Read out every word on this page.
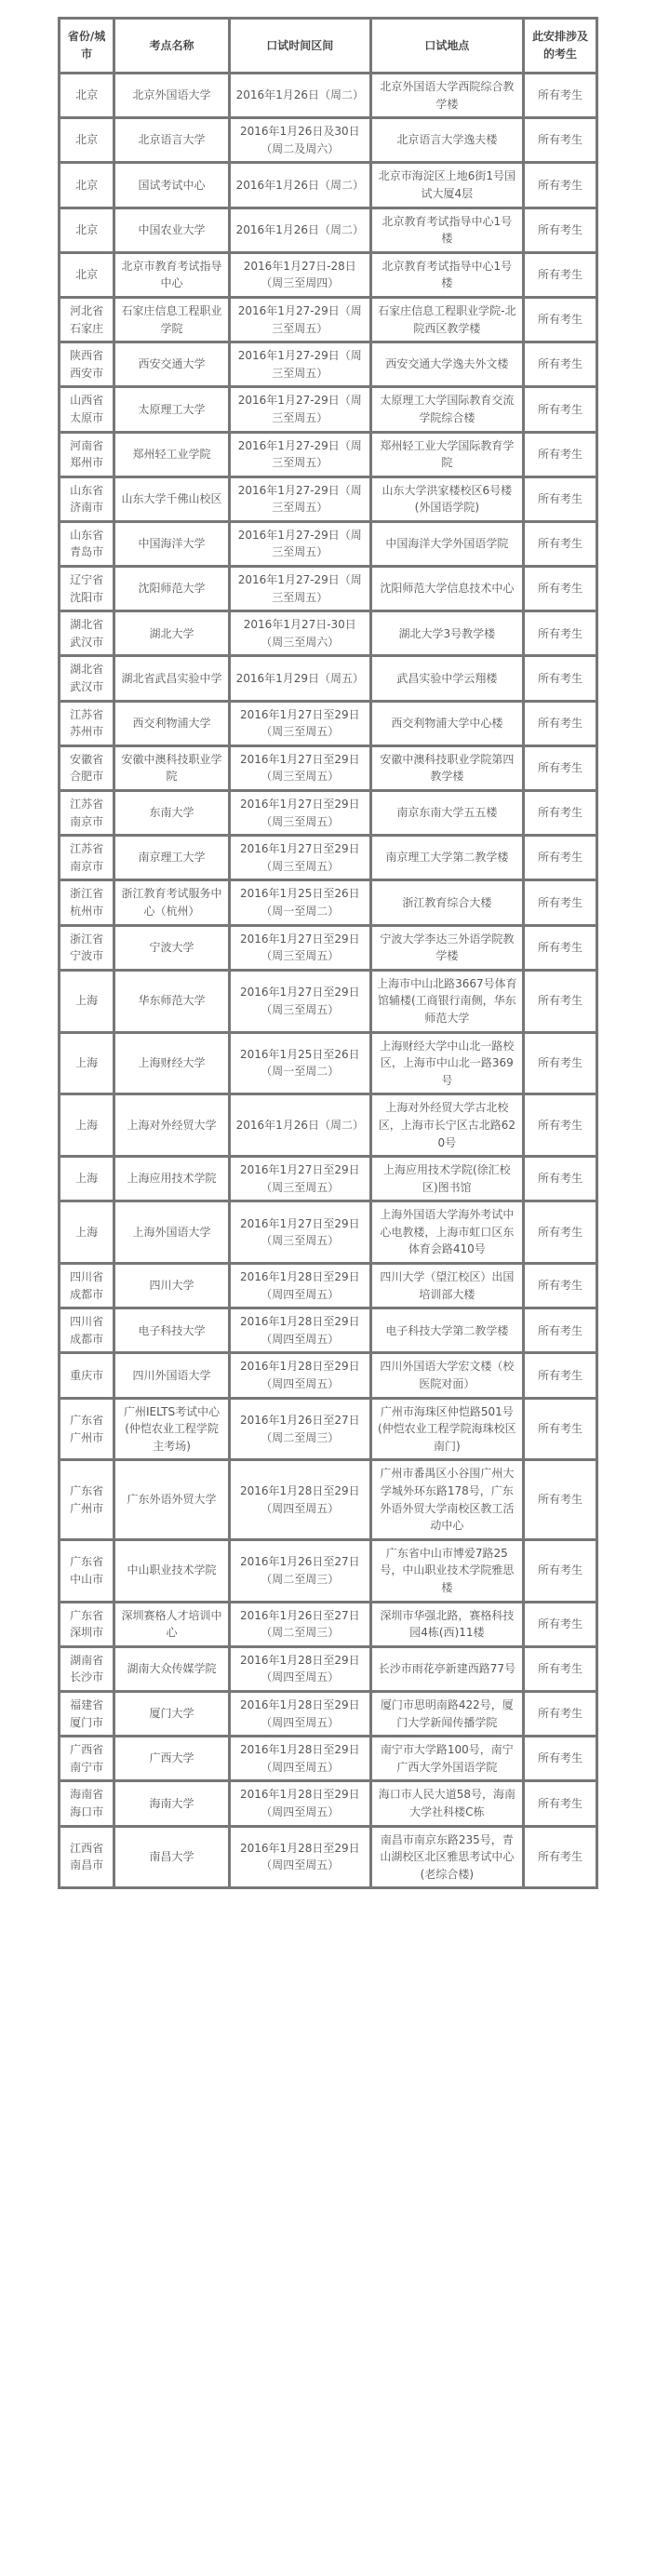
省份/城市	考点名称	口试时间区间	口试地点	此安排涉及 的考生
北京	北京外国语大学	2016年1月26日（周二）	北京外国语大学西院综合教学楼	所有考生
北京	北京语言大学	2016年1月26日及30日（周二及周六）	北京语言大学逸夫楼	所有考生
北京	国试考试中心	2016年1月26日（周二）	北京市海淀区上地6街1号国试大厦4层	所有考生
北京	中国农业大学	2016年1月26日（周二）	北京教育考试指导中心1号楼	所有考生
北京	北京市教育考试指导中心	2016年1月27日-28日（周三至周四）	北京教育考试指导中心1号楼	所有考生
河北省石家庄	石家庄信息工程职业学院	2016年1月27-29日（周三至周五）	石家庄信息工程职业学院-北院西区教学楼	所有考生
陕西省西安市	西安交通大学	2016年1月27-29日（周三至周五）	西安交通大学逸夫外文楼	所有考生
山西省太原市	太原理工大学	2016年1月27-29日（周三至周五）	太原理工大学国际教育交流学院综合楼	所有考生
河南省郑州市	郑州轻工业学院	2016年1月27-29日（周三至周五）	郑州轻工业大学国际教育学院	所有考生
山东省济南市	山东大学千佛山校区	2016年1月27-29日（周三至周五）	山东大学洪家楼校区6号楼(外国语学院)	所有考生
山东省青岛市	中国海洋大学	2016年1月27-29日（周三至周五）	中国海洋大学外国语学院	所有考生
辽宁省沈阳市	沈阳师范大学	2016年1月27-29日（周三至周五）	沈阳师范大学信息技术中心	所有考生
湖北省武汉市	湖北大学	2016年1月27日-30日（周三至周六）	湖北大学3号教学楼	所有考生
湖北省武汉市	湖北省武昌实验中学	2016年1月29日（周五）	武昌实验中学云翔楼	所有考生
江苏省苏州市	西交利物浦大学	2016年1月27日至29日（周三至周五）	西交利物浦大学中心楼	所有考生
安徽省合肥市	安徽中澳科技职业学院	2016年1月27日至29日（周三至周五）	安徽中澳科技职业学院第四教学楼	所有考生
江苏省南京市	东南大学	2016年1月27日至29日（周三至周五）	南京东南大学五五楼	所有考生
江苏省南京市	南京理工大学	2016年1月27日至29日（周三至周五）	南京理工大学第二教学楼	所有考生
浙江省杭州市	浙江教育考试服务中心（杭州）	2016年1月25日至26日（周一至周二）	浙江教育综合大楼	所有考生
浙江省宁波市	宁波大学	2016年1月27日至29日（周三至周五）	宁波大学李达三外语学院教学楼	所有考生
上海	华东师范大学	2016年1月27日至29日（周三至周五）	上海市中山北路3667号体育馆辅楼(工商银行南侧，华东师范大学	所有考生
上海	上海财经大学	2016年1月25日至26日（周一至周二）	上海财经大学中山北一路校区，上海市中山北一路369号	所有考生
上海	上海对外经贸大学	2016年1月26日（周二）	上海对外经贸大学古北校区，上海市长宁区古北路620号	所有考生
上海	上海应用技术学院	2016年1月27日至29日（周三至周五）	上海应用技术学院(徐汇校区)图书馆	所有考生
上海	上海外国语大学	2016年1月27日至29日（周三至周五）	上海外国语大学海外考试中心电教楼，上海市虹口区东体育会路410号	所有考生
四川省成都市	四川大学	2016年1月28日至29日（周四至周五）	四川大学（望江校区）出国培训部大楼	所有考生
四川省成都市	电子科技大学	2016年1月28日至29日（周四至周五）	电子科技大学第二教学楼	所有考生
重庆市	四川外国语大学	2016年1月28日至29日（周四至周五）	四川外国语大学宏文楼（校医院对面）	所有考生
广东省广州市	广州IELTS考试中心 (仲恺农业工程学院主考场)	2016年1月26日至27日（周二至周三）	广州市海珠区仲恺路501号 (仲恺农业工程学院海珠校区南门)	所有考生
广东省广州市	广东外语外贸大学	2016年1月28日至29日（周四至周五）	广州市番禺区小谷围广州大学城外环东路178号，广东外语外贸大学南校区教工活动中心	所有考生
广东省中山市	中山职业技术学院	2016年1月26日至27日（周二至周三）	广东省中山市博爱7路25号，中山职业技术学院雅思楼	所有考生
广东省深圳市	深圳赛格人才培训中心	2016年1月26日至27日（周二至周三）	深圳市华强北路，赛格科技园4栋(西)11楼	所有考生
湖南省长沙市	湖南大众传媒学院	2016年1月28日至29日（周四至周五）	长沙市雨花亭新建西路77号	所有考生
福建省厦门市	厦门大学	2016年1月28日至29日（周四至周五）	厦门市思明南路422号，厦门大学新闻传播学院	所有考生
广西省南宁市	广西大学	2016年1月28日至29日（周四至周五）	南宁市大学路100号，南宁广西大学外国语学院	所有考生
海南省海口市	海南大学	2016年1月28日至29日（周四至周五）	海口市人民大道58号，海南大学社科楼C栋	所有考生
江西省南昌市	南昌大学	2016年1月28日至29日（周四至周五）	南昌市南京东路235号，青山湖校区北区雅思考试中心(老综合楼)	所有考生
